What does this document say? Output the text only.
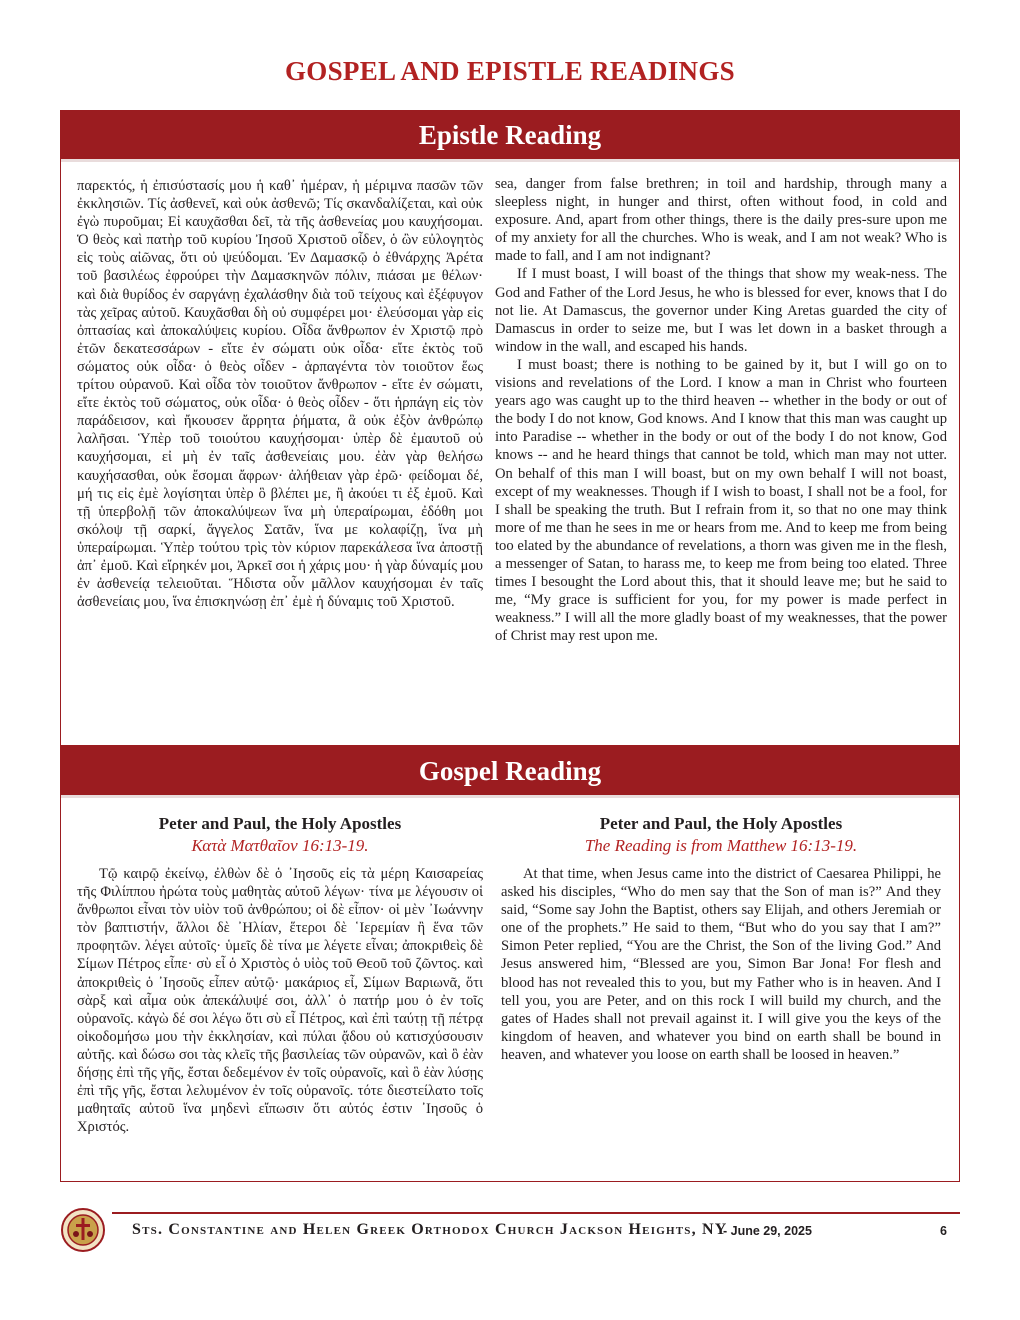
GOSPEL AND EPISTLE READINGS
Epistle Reading
παρεκτός, ἡ ἐπισύστασίς μου ἡ καθ᾿ ἡμέραν, ἡ μέριμνα πασῶν τῶν ἐκκλησιῶν. Τίς ἀσθενεῖ, καὶ οὐκ ἀσθενῶ; Τίς σκανδαλίζεται, καὶ οὐκ ἐγὼ πυροῦμαι; Εἰ καυχᾶσθαι δεῖ, τὰ τῆς ἀσθενείας μου καυχήσομαι. Ὁ θεὸς καὶ πατὴρ τοῦ κυρίου Ἰησοῦ Χριστοῦ οἶδεν, ὁ ὢν εὐλογητὸς εἰς τοὺς αἰῶνας, ὅτι οὐ ψεύδομαι. Ἐν Δαμασκῷ ὁ ἐθνάρχης Ἀρέτα τοῦ βασιλέως ἐφρούρει τὴν Δαμασκηνῶν πόλιν, πιάσαι με θέλων· καὶ διὰ θυρίδος ἐν σαργάνῃ ἐχαλάσθην διὰ τοῦ τείχους καὶ ἐξέφυγον τὰς χεῖρας αὐτοῦ. Καυχᾶσθαι δὴ οὐ συμφέρει μοι· ἐλεύσομαι γὰρ εἰς ὀπτασίας καὶ ἀποκαλύψεις κυρίου. Οἶδα ἄνθρωπον ἐν Χριστῷ πρὸ ἐτῶν δεκατεσσάρων - εἴτε ἐν σώματι οὐκ οἶδα· εἴτε ἐκτὸς τοῦ σώματος οὐκ οἶδα· ὁ θεὸς οἶδεν - ἁρπαγέντα τὸν τοιοῦτον ἕως τρίτου οὐρανοῦ. Καὶ οἶδα τὸν τοιοῦτον ἄνθρωπον - εἴτε ἐν σώματι, εἴτε ἐκτὸς τοῦ σώματος, οὐκ οἶδα· ὁ θεὸς οἶδεν - ὅτι ἡρπάγη εἰς τὸν παράδεισον, καὶ ἤκουσεν ἄρρητα ῥήματα, ἃ οὐκ ἐξὸν ἀνθρώπῳ λαλῆσαι. Ὑπὲρ τοῦ τοιούτου καυχήσομαι· ὑπὲρ δὲ ἐμαυτοῦ οὐ καυχήσομαι, εἰ μὴ ἐν ταῖς ἀσθενείαις μου. ἐὰν γὰρ θελήσω καυχήσασθαι, οὐκ ἔσομαι ἄφρων· ἀλήθειαν γὰρ ἐρῶ· φείδομαι δέ, μή τις εἰς ἐμὲ λογίσηται ὑπὲρ ὃ βλέπει με, ἢ ἀκούει τι ἐξ ἐμοῦ. Καὶ τῇ ὑπερβολῇ τῶν ἀποκαλύψεων ἵνα μὴ ὑπεραίρωμαι, ἐδόθη μοι σκόλοψ τῇ σαρκί, ἄγγελος Σατᾶν, ἵνα με κολαφίζῃ, ἵνα μὴ ὑπεραίρωμαι. Ὑπὲρ τούτου τρὶς τὸν κύριον παρεκάλεσα ἵνα ἀποστῇ ἀπ᾿ ἐμοῦ. Καὶ εἴρηκέν μοι, Ἀρκεῖ σοι ἡ χάρις μου· ἡ γὰρ δύναμίς μου ἐν ἀσθενείᾳ τελειοῦται. Ἥδιστα οὖν μᾶλλον καυχήσομαι ἐν ταῖς ἀσθενείαις μου, ἵνα ἐπισκηνώσῃ ἐπ᾿ ἐμὲ ἡ δύναμις τοῦ Χριστοῦ.

sea, danger from false brethren; in toil and hardship, through many a sleepless night, in hunger and thirst, often without food, in cold and exposure. And, apart from other things, there is the daily pres-sure upon me of my anxiety for all the churches. Who is weak, and I am not weak? Who is made to fall, and I am not indignant?

If I must boast, I will boast of the things that show my weak-ness. The God and Father of the Lord Jesus, he who is blessed for ever, knows that I do not lie. At Damascus, the governor under King Aretas guarded the city of Damascus in order to seize me, but I was let down in a basket through a window in the wall, and escaped his hands.

I must boast; there is nothing to be gained by it, but I will go on to visions and revelations of the Lord. I know a man in Christ who fourteen years ago was caught up to the third heaven -- whether in the body or out of the body I do not know, God knows. And I know that this man was caught up into Paradise -- whether in the body or out of the body I do not know, God knows -- and he heard things that cannot be told, which man may not utter. On behalf of this man I will boast, but on my own behalf I will not boast, except of my weaknesses. Though if I wish to boast, I shall not be a fool, for I shall be speaking the truth. But I refrain from it, so that no one may think more of me than he sees in me or hears from me. And to keep me from being too elated by the abundance of revelations, a thorn was given me in the flesh, a messenger of Satan, to harass me, to keep me from being too elated. Three times I besought the Lord about this, that it should leave me; but he said to me, “My grace is sufficient for you, for my power is made perfect in weakness.” I will all the more gladly boast of my weaknesses, that the power of Christ may rest upon me.

Gospel Reading
Peter and Paul, the Holy Apostles
Κατὰ Ματθαῖον 16:13-19.

Τῷ καιρῷ ἐκείνῳ, ἐλθὼν δὲ ὁ ᾿Ιησοῦς εἰς τὰ μέρη Καισαρείας τῆς Φιλίππου ἠρώτα τοὺς μαθητὰς αὐτοῦ λέγων· τίνα με λέγουσιν οἱ ἄνθρωποι εἶναι τὸν υἱὸν τοῦ ἀνθρώπου; οἱ δὲ εἶπον· οἱ μὲν ᾿Ιωάννην τὸν βαπτιστήν, ἄλλοι δὲ ᾿Ηλίαν, ἕτεροι δὲ ῾Ιερεμίαν ἢ ἕνα τῶν προφητῶν. λέγει αὐτοῖς· ὑμεῖς δὲ τίνα με λέγετε εἶναι; ἀποκριθεὶς δὲ Σίμων Πέτρος εἶπε· σὺ εἶ ὁ Χριστὸς ὁ υἱὸς τοῦ Θεοῦ τοῦ ζῶντος. καὶ ἀποκριθεὶς ὁ ᾿Ιησοῦς εἶπεν αὐτῷ· μακάριος εἶ, Σίμων Βαριωνᾶ, ὅτι σὰρξ καὶ αἷμα οὐκ ἀπεκάλυψέ σοι, ἀλλ᾿ ὁ πατήρ μου ὁ ἐν τοῖς οὐρανοῖς. κἀγὼ δέ σοι λέγω ὅτι σὺ εἶ Πέτρος, καὶ ἐπὶ ταύτῃ τῇ πέτρᾳ οἰκοδομήσω μου τὴν ἐκκλησίαν, καὶ πύλαι ᾄδου οὐ κατισχύσουσιν αὐτῆς. καὶ δώσω σοι τὰς κλεῖς τῆς βασιλείας τῶν οὐρανῶν, καὶ ὃ ἐὰν δήσῃς ἐπὶ τῆς γῆς, ἔσται δεδεμένον ἐν τοῖς οὐρανοῖς, καὶ ὃ ἐὰν λύσῃς ἐπὶ τῆς γῆς, ἔσται λελυμένον ἐν τοῖς οὐρανοῖς. τότε διεστείλατο τοῖς μαθηταῖς αὐτοῦ ἵνα μηδενὶ εἴπωσιν ὅτι αὐτός ἐστιν ᾿Ιησοῦς ὁ Χριστός.

Peter and Paul, the Holy Apostles
The Reading is from Matthew 16:13-19.

At that time, when Jesus came into the district of Caesarea Philippi, he asked his disciples, “Who do men say that the Son of man is?” And they said, “Some say John the Baptist, others say Elijah, and others Jeremiah or one of the prophets.” He said to them, “But who do you say that I am?” Simon Peter replied, “You are the Christ, the Son of the living God.” And Jesus answered him, “Blessed are you, Simon Bar Jona! For flesh and blood has not revealed this to you, but my Father who is in heaven. And I tell you, you are Peter, and on this rock I will build my church, and the gates of Hades shall not prevail against it. I will give you the keys of the kingdom of heaven, and whatever you bind on earth shall be bound in heaven, and whatever you loose on earth shall be loosed in heaven.”

Sts. Constantine and Helen Greek Orthodox Church Jackson Heights, NY
- June 29, 2025	6
